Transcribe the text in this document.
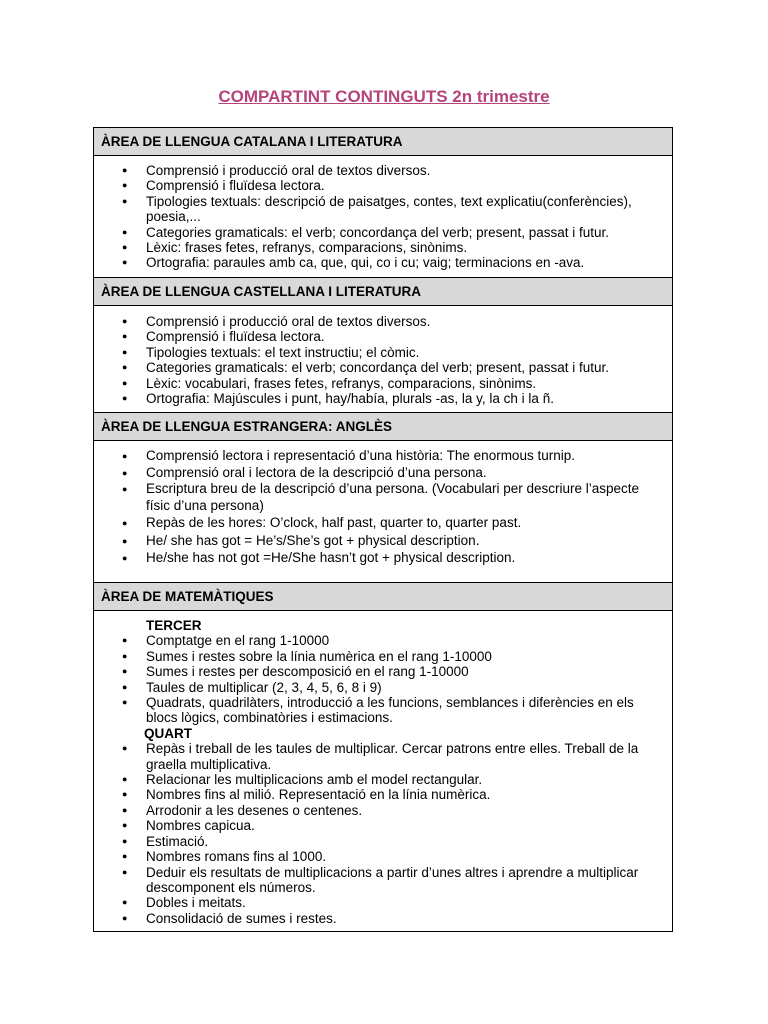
COMPARTINT CONTINGUTS 2n trimestre
ÀREA DE LLENGUA CATALANA I LITERATURA
● Comprensió i producció oral de textos diversos.
● Comprensió i fluïdesa lectora.
● Tipologies textuals: descripció de paisatges, contes, text explicatiu(conferències), poesia,...
● Categories gramaticals: el verb; concordança del verb; present, passat i futur.
● Lèxic: frases fetes, refranys, comparacions, sinònims.
● Ortografia: paraules amb ca, que, qui, co i cu; vaig; terminacions en -ava.
ÀREA DE LLENGUA CASTELLANA I LITERATURA
● Comprensió i producció oral de textos diversos.
● Comprensió i fluïdesa lectora.
● Tipologies textuals: el text instructiu; el còmic.
● Categories gramaticals: el verb; concordança del verb; present, passat i futur.
● Lèxic: vocabulari, frases fetes, refranys, comparacions, sinònims.
● Ortografia: Majúscules i punt, hay/había, plurals -as, la y, la ch i la ñ.
ÀREA DE LLENGUA ESTRANGERA: ANGLÈS
● Comprensió lectora i representació d’una història: The enormous turnip.
● Comprensió oral i lectora de la descripció d’una persona.
● Escriptura breu de la descripció d’una persona. (Vocabulari per descriure l’aspecte físic d’una persona)
● Repàs de les hores: O’clock, half past, quarter to, quarter past.
● He/ she has got = He’s/She’s got + physical description.
● He/she has not got =He/She hasn’t got + physical description.
ÀREA DE MATEMÀTIQUES
TERCER
● Comptatge en el rang 1-10000
● Sumes i restes sobre la línia numèrica en el rang 1-10000
● Sumes i restes per descomposició en el rang 1-10000
● Taules de multiplicar (2, 3, 4, 5, 6, 8 i 9)
● Quadrats, quadrilàters, introducció a les funcions, semblances i diferències en els blocs lògics, combinatòries i estimacions.
QUART
● Repàs i treball de les taules de multiplicar. Cercar patrons entre elles. Treball de la graella multiplicativa.
● Relacionar les multiplicacions amb el model rectangular.
● Nombres fins al milió. Representació en la línia numèrica.
● Arrodonir a les desenes o centenes.
● Nombres capicua.
● Estimació.
● Nombres romans fins al 1000.
● Deduir els resultats de multiplicacions a partir d’unes altres i aprendre a multiplicar descomponent els números.
● Dobles i meitats.
● Consolidació de sumes i restes.
